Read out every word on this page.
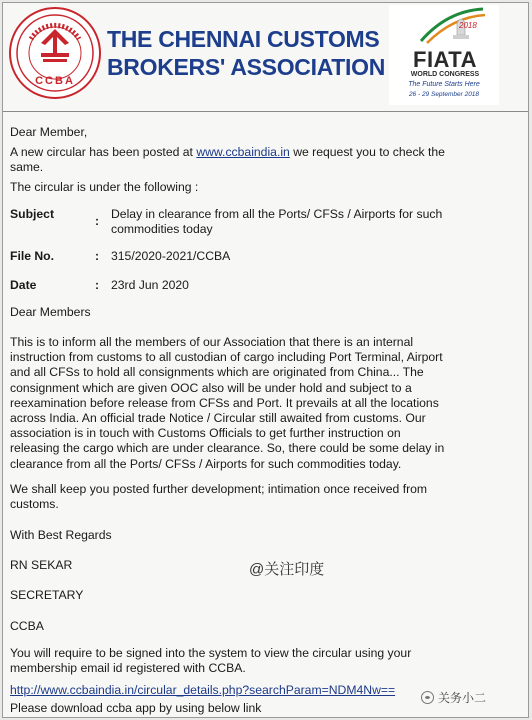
CCBA
THE CHENNAI CUSTOMS
BROKERS' ASSOCIATION
2018
FIATA
WORLD CONGRESS
The Future Starts Here
26 - 29 September 2018
Dear Member,
A new circular has been posted at www.ccbaindia.in we request you to check the
same.
The circular is under the following :
Subject	: Delay in clearance from all the Ports/ CFSs / Airports for such
commodities today
File No.	: 315/2020-2021/CCBA
Date	: 23rd Jun 2020
Dear Members
This is to inform all the members of our Association that there is an internal
instruction from customs to all custodian of cargo including Port Terminal, Airport
and all CFSs to hold all consignments which are originated from China... The
consignment which are given OOC also will be under hold and subject to a
reexamination before release from CFSs and Port. It prevails at all the locations
across India. An official trade Notice / Circular still awaited from customs. Our
association is in touch with Customs Officials to get further instruction on
releasing the cargo which are under clearance. So, there could be some delay in
clearance from all the Ports/ CFSs / Airports for such commodities today.
We shall keep you posted further development; intimation once received from
customs.
With Best Regards
RN SEKAR	@关注印度
SECRETARY
CCBA
You will require to be signed into the system to view the circular using your
membership email id registered with CCBA.
http://www.ccbaindia.in/circular_details.php?searchParam=NDM4Nw==
Please download ccba app by using below link
关务小二
